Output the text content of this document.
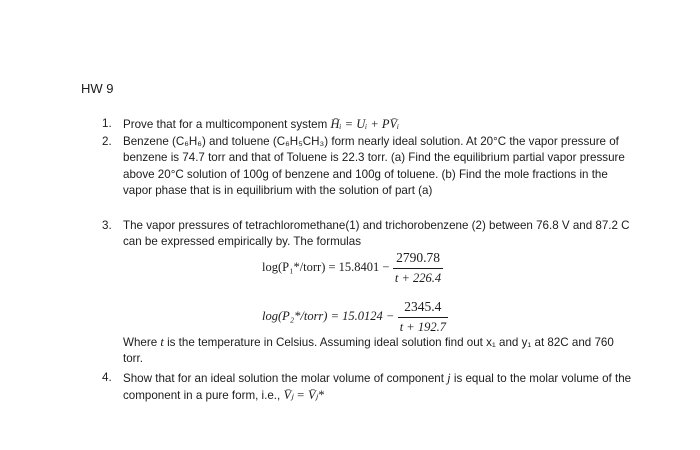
HW 9
1. Prove that for a multicomponent system H̄ᵢ = Uᵢ + PV̄ᵢ
2. Benzene (C₆H₆) and toluene (C₆H₅CH₃) form nearly ideal solution. At 20°C the vapor pressure of benzene is 74.7 torr and that of Toluene is 22.3 torr. (a) Find the equilibrium partial vapor pressure above 20°C solution of 100g of benzene and 100g of toluene. (b) Find the mole fractions in the vapor phase that is in equilibrium with the solution of part (a)
3. The vapor pressures of tetrachloromethane(1) and trichorobenzene (2) between 76.8 V and 87.2 C can be expressed empirically by. The formulas
log(P₁*/torr) = $15.8401 - \frac{2790.78}{t + 226.4}$
log(P₂*/torr) = $15.0124 - \frac{2345.4}{t + 192.7}$
Where t is the temperature in Celsius. Assuming ideal solution find out x₁ and y₁ at 82C and 760 torr.
4. Show that for an ideal solution the molar volume of component j is equal to the molar volume of the component in a pure form, i.e., V̄ⱼ = V̄ⱼ*
